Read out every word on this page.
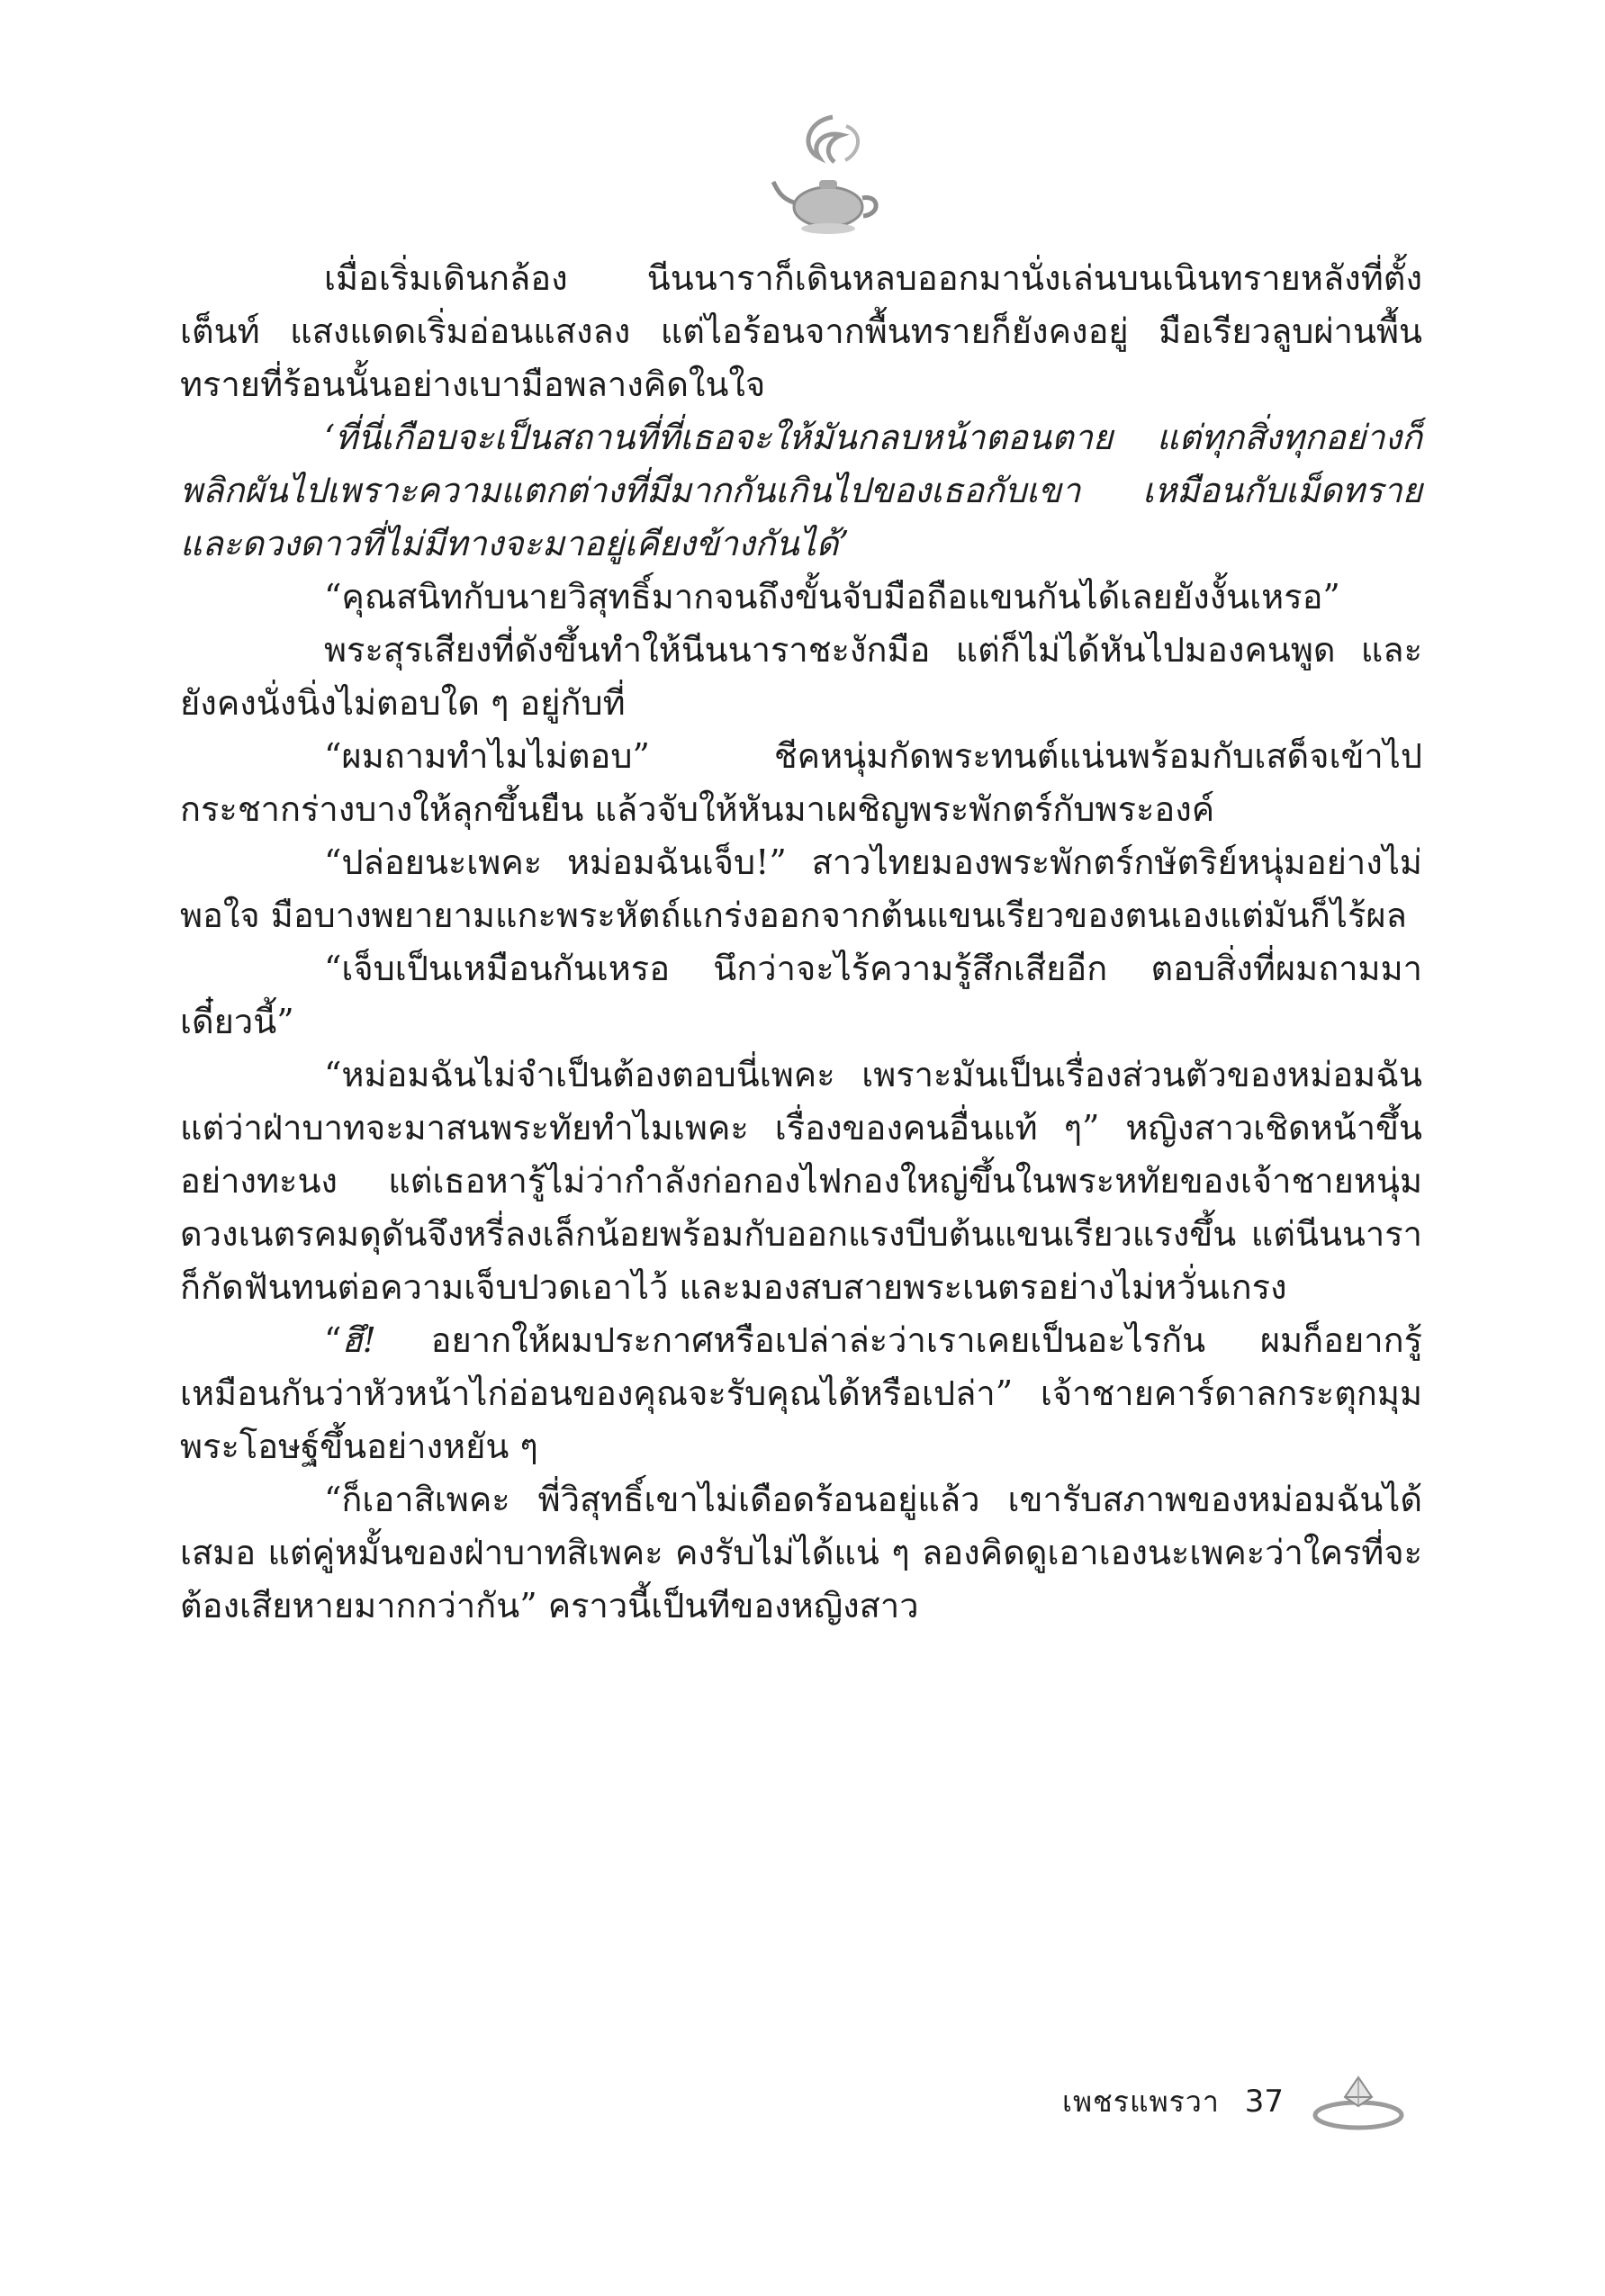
เมื่อเริ่มเดินกล้อง นีนนาราก็เดินหลบออกมานั่งเล่นบนเนินทรายหลังที่ตั้งเต็นท์ แสงแดดเริ่มอ่อนแสงลง แต่ไอร้อนจากพื้นทรายก็ยังคงอยู่ มือเรียวลูบผ่านพื้นทรายที่ร้อนนั้นอย่างเบามือพลางคิดในใจ

‘ที่นี่เกือบจะเป็นสถานที่ที่เธอจะให้มันกลบหน้าตอนตาย แต่ทุกสิ่งทุกอย่างก็พลิกผันไปเพราะความแตกต่างที่มีมากกันเกินไปของเธอกับเขา เหมือนกับเม็ดทรายและดวงดาวที่ไม่มีทางจะมาอยู่เคียงข้างกันได้’

“คุณสนิทกับนายวิสุทธิ์มากจนถึงขั้นจับมือถือแขนกันได้เลยยังงั้นเหรอ”

พระสุรเสียงที่ดังขึ้นทำให้นีนนาราชะงักมือ แต่ก็ไม่ได้หันไปมองคนพูด และยังคงนั่งนิ่งไม่ตอบใด ๆ อยู่กับที่

“ผมถามทำไมไม่ตอบ” ชีคหนุ่มกัดพระทนต์แน่นพร้อมกับเสด็จเข้าไปกระชากร่างบางให้ลุกขึ้นยืน แล้วจับให้หันมาเผชิญพระพักตร์กับพระองค์

“ปล่อยนะเพคะ หม่อมฉันเจ็บ!” สาวไทยมองพระพักตร์กษัตริย์หนุ่มอย่างไม่พอใจ มือบางพยายามแกะพระหัตถ์แกร่งออกจากต้นแขนเรียวของตนเองแต่มันก็ไร้ผล

“เจ็บเป็นเหมือนกันเหรอ นึกว่าจะไร้ความรู้สึกเสียอีก ตอบสิ่งที่ผมถามมาเดี๋ยวนี้”

“หม่อมฉันไม่จำเป็นต้องตอบนี่เพคะ เพราะมันเป็นเรื่องส่วนตัวของหม่อมฉัน แต่ว่าฝ่าบาทจะมาสนพระทัยทำไมเพคะ เรื่องของคนอื่นแท้ ๆ” หญิงสาวเชิดหน้าขึ้นอย่างทะนง แต่เธอหารู้ไม่ว่ากำลังก่อกองไฟกองใหญ่ขึ้นในพระหทัยของเจ้าชายหนุ่ม ดวงเนตรคมดุดันจึงหรี่ลงเล็กน้อยพร้อมกับออกแรงบีบต้นแขนเรียวแรงขึ้น แต่นีนนาราก็กัดฟันทนต่อความเจ็บปวดเอาไว้ และมองสบสายพระเนตรอย่างไม่หวั่นเกรง

“ฮึ! อยากให้ผมประกาศหรือเปล่าล่ะว่าเราเคยเป็นอะไรกัน ผมก็อยากรู้เหมือนกันว่าหัวหน้าไก่อ่อนของคุณจะรับคุณได้หรือเปล่า” เจ้าชายคาร์ดาลกระตุกมุมพระโอษฐ์ขึ้นอย่างหยัน ๆ

“ก็เอาสิเพคะ พี่วิสุทธิ์เขาไม่เดือดร้อนอยู่แล้ว เขารับสภาพของหม่อมฉันได้เสมอ แต่คู่หมั้นของฝ่าบาทสิเพคะ คงรับไม่ได้แน่ ๆ ลองคิดดูเอาเองนะเพคะว่าใครที่จะต้องเสียหายมากกว่ากัน” คราวนี้เป็นทีของหญิงสาว

เพชรแพรวา 37
